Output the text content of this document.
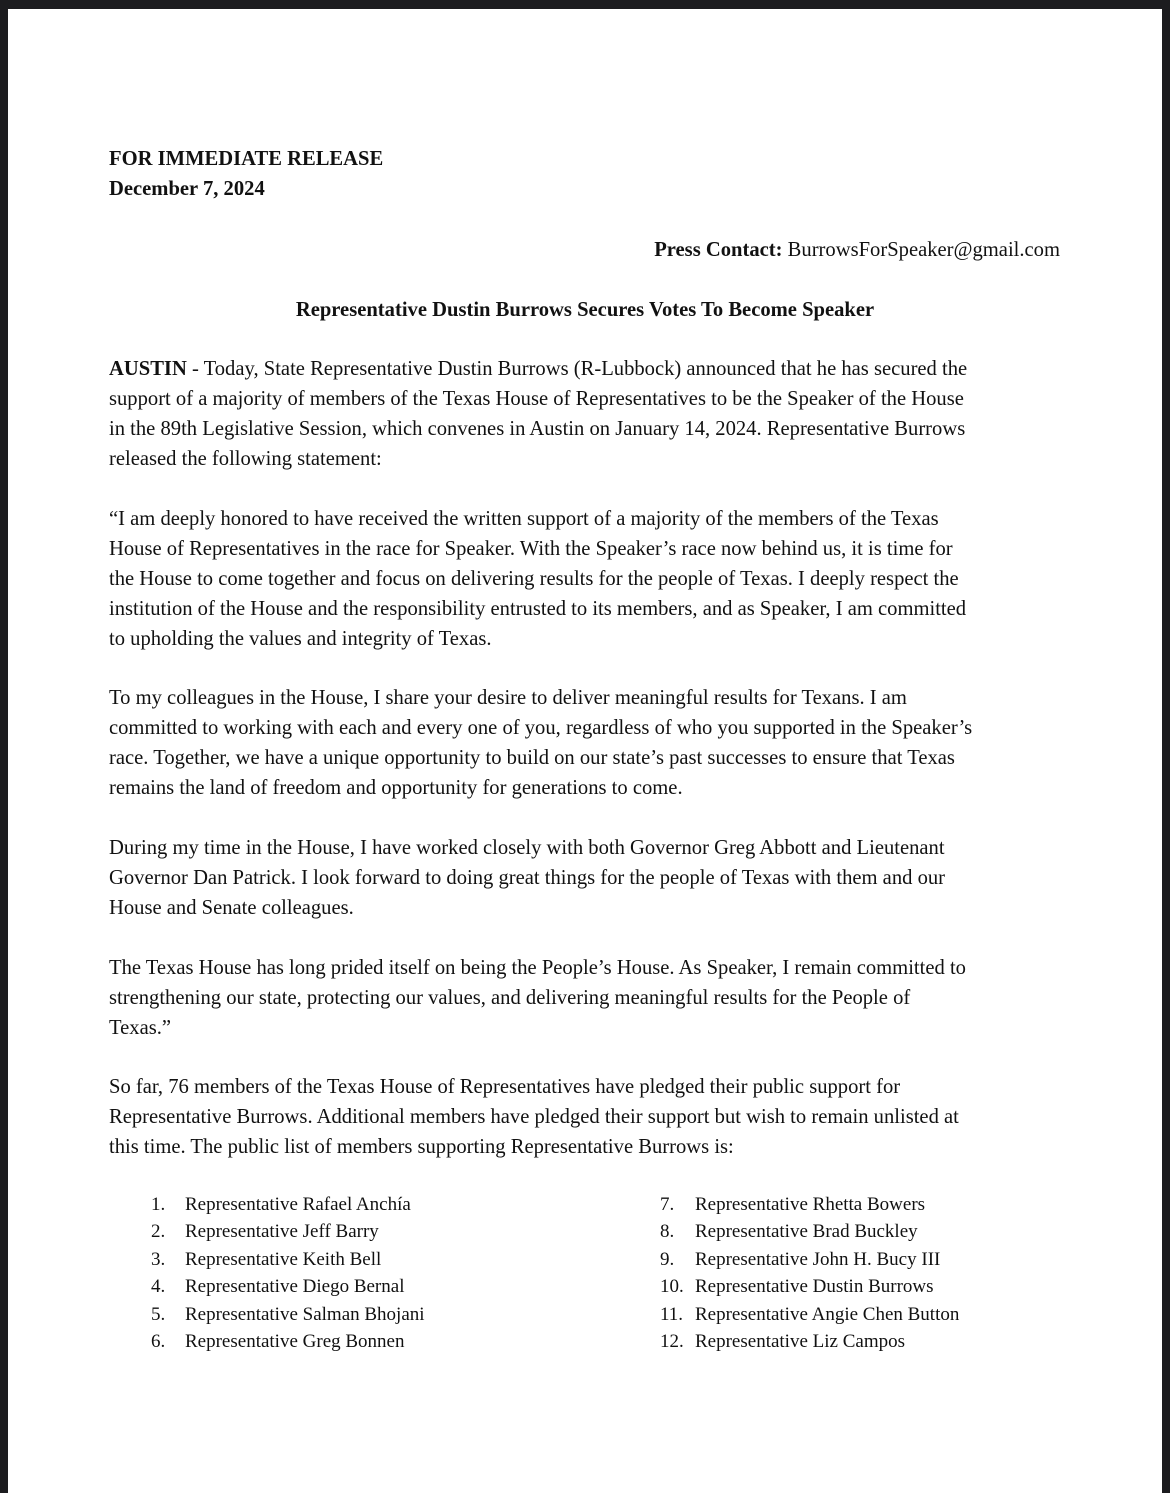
FOR IMMEDIATE RELEASE
December 7, 2024
Press Contact: BurrowsForSpeaker@gmail.com
Representative Dustin Burrows Secures Votes To Become Speaker
AUSTIN - Today, State Representative Dustin Burrows (R-Lubbock) announced that he has secured the
support of a majority of members of the Texas House of Representatives to be the Speaker of the House
in the 89th Legislative Session, which convenes in Austin on January 14, 2024. Representative Burrows
released the following statement:
“I am deeply honored to have received the written support of a majority of the members of the Texas
House of Representatives in the race for Speaker. With the Speaker’s race now behind us, it is time for
the House to come together and focus on delivering results for the people of Texas. I deeply respect the
institution of the House and the responsibility entrusted to its members, and as Speaker, I am committed
to upholding the values and integrity of Texas.
To my colleagues in the House, I share your desire to deliver meaningful results for Texans. I am
committed to working with each and every one of you, regardless of who you supported in the Speaker’s
race. Together, we have a unique opportunity to build on our state’s past successes to ensure that Texas
remains the land of freedom and opportunity for generations to come.
During my time in the House, I have worked closely with both Governor Greg Abbott and Lieutenant
Governor Dan Patrick. I look forward to doing great things for the people of Texas with them and our
House and Senate colleagues.
The Texas House has long prided itself on being the People’s House. As Speaker, I remain committed to
strengthening our state, protecting our values, and delivering meaningful results for the People of
Texas.”
So far, 76 members of the Texas House of Representatives have pledged their public support for
Representative Burrows. Additional members have pledged their support but wish to remain unlisted at
this time. The public list of members supporting Representative Burrows is:
1. Representative Rafael Anchía
2. Representative Jeff Barry
3. Representative Keith Bell
4. Representative Diego Bernal
5. Representative Salman Bhojani
6. Representative Greg Bonnen
7. Representative Rhetta Bowers
8. Representative Brad Buckley
9. Representative John H. Bucy III
10. Representative Dustin Burrows
11. Representative Angie Chen Button
12. Representative Liz Campos
